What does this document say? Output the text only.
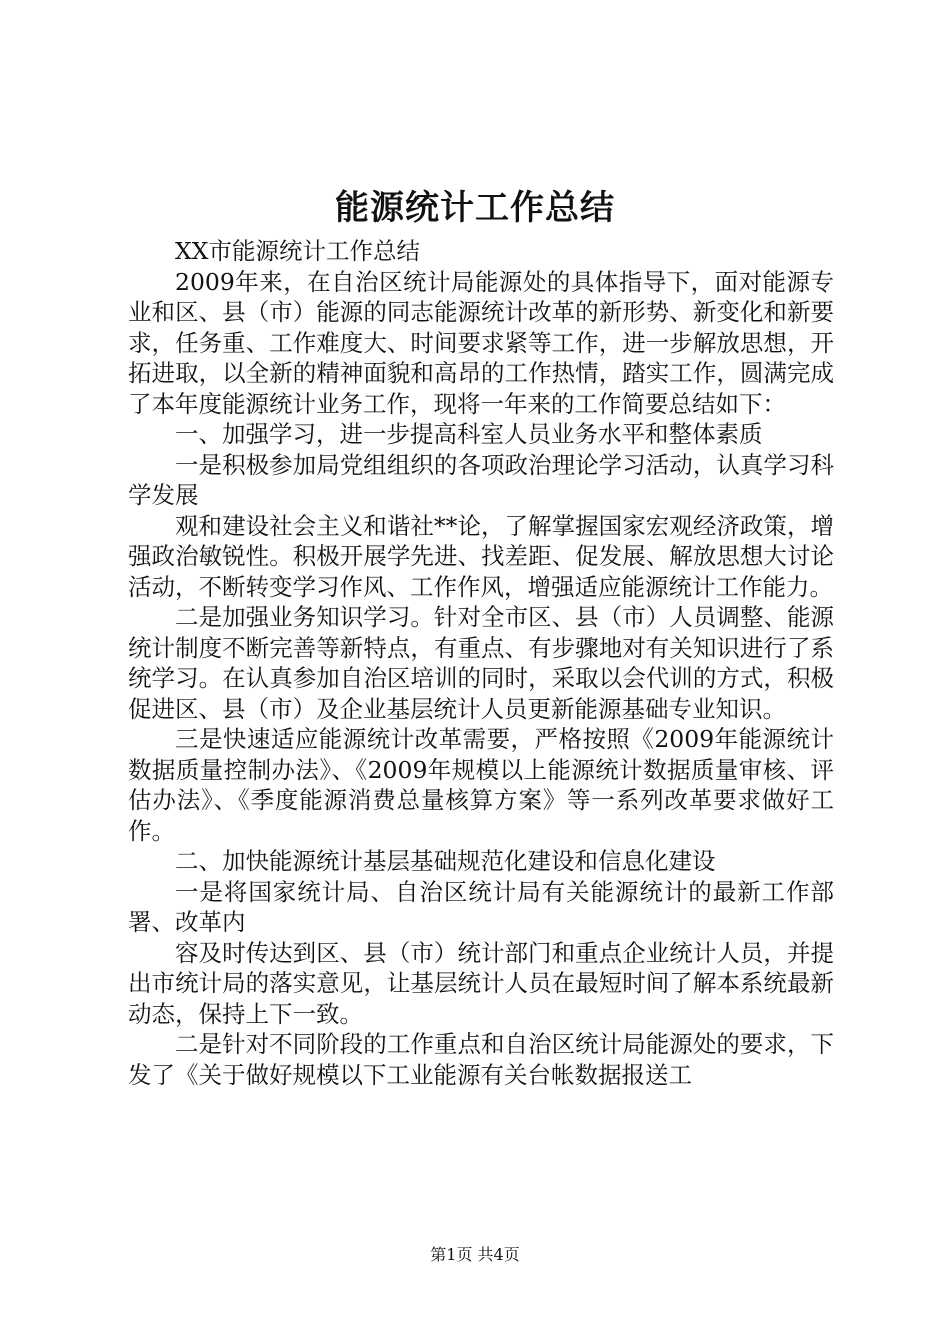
能源统计工作总结

XX市能源统计工作总结

2009年来，在自治区统计局能源处的具体指导下，面对能源专业和区、县（市）能源的同志能源统计改革的新形势、新变化和新要求，任务重、工作难度大、时间要求紧等工作，进一步解放思想，开拓进取，以全新的精神面貌和高昂的工作热情，踏实工作，圆满完成了本年度能源统计业务工作，现将一年来的工作简要总结如下：

一、加强学习，进一步提高科室人员业务水平和整体素质

一是积极参加局党组组织的各项政治理论学习活动，认真学习科学发展

观和建设社会主义和谐社**论，了解掌握国家宏观经济政策，增强政治敏锐性。积极开展学先进、找差距、促发展、解放思想大讨论活动，不断转变学习作风、工作作风，增强适应能源统计工作能力。

二是加强业务知识学习。针对全市区、县（市）人员调整、能源统计制度不断完善等新特点，有重点、有步骤地对有关知识进行了系统学习。在认真参加自治区培训的同时，采取以会代训的方式，积极促进区、县（市）及企业基层统计人员更新能源基础专业知识。

三是快速适应能源统计改革需要，严格按照《2009年能源统计数据质量控制办法》、《2009年规模以上能源统计数据质量审核、评估办法》、《季度能源消费总量核算方案》等一系列改革要求做好工作。

二、加快能源统计基层基础规范化建设和信息化建设

一是将国家统计局、自治区统计局有关能源统计的最新工作部署、改革内

容及时传达到区、县（市）统计部门和重点企业统计人员，并提出市统计局的落实意见，让基层统计人员在最短时间了解本系统最新动态，保持上下一致。

二是针对不同阶段的工作重点和自治区统计局能源处的要求，下发了《关于做好规模以下工业能源有关台帐数据报送工

第1页 共4页
